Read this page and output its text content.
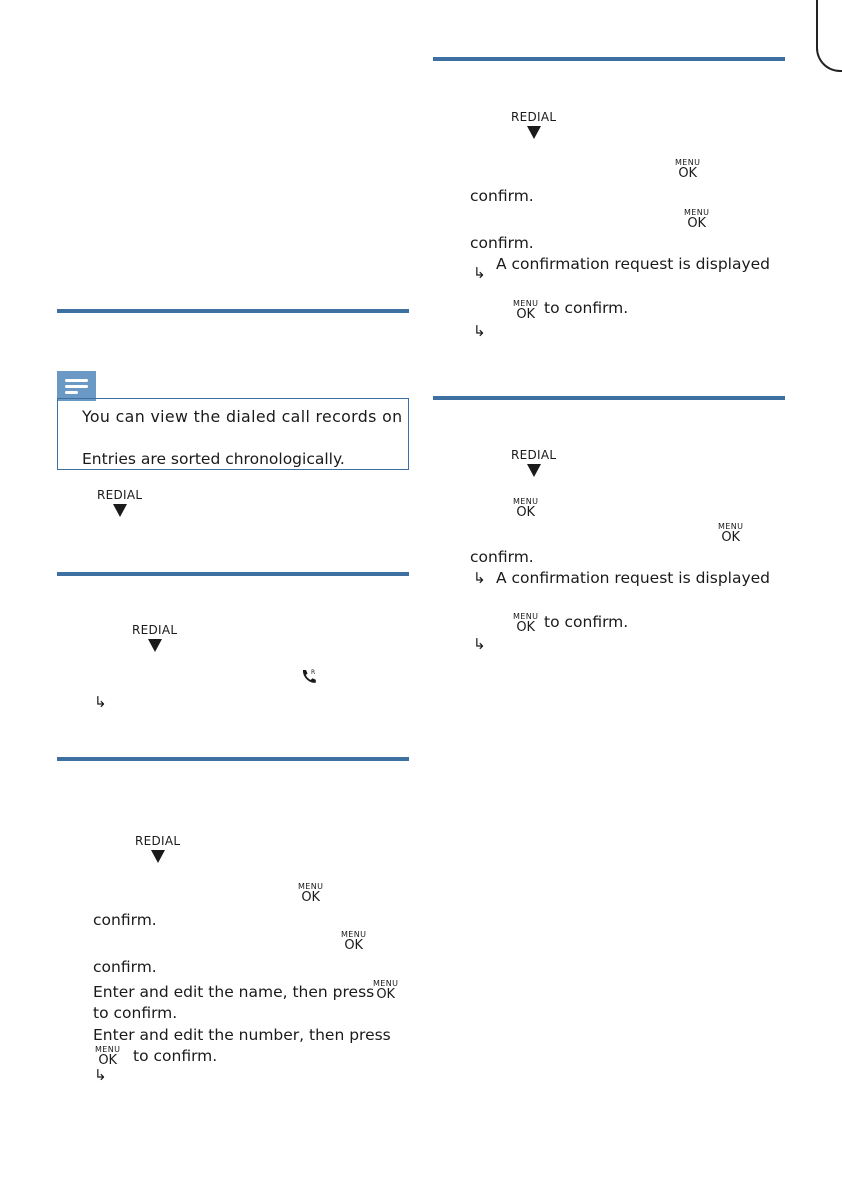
You can view the dialed call records on
Entries are sorted chronologically.
REDIAL
REDIAL
R
↳
REDIAL
MENU
OK
confirm.
MENU
OK
confirm.
Enter and edit the name, then press
MENU
OK
to confirm.
Enter and edit the number, then press
MENU
OK to confirm.
↳
REDIAL
MENU
OK
confirm.
MENU
OK
confirm.
↳ A confirmation request is displayed
MENU
OK to confirm.
↳
REDIAL
MENU
OK
MENU
OK
confirm.
↳ A confirmation request is displayed
MENU
OK to confirm.
↳
